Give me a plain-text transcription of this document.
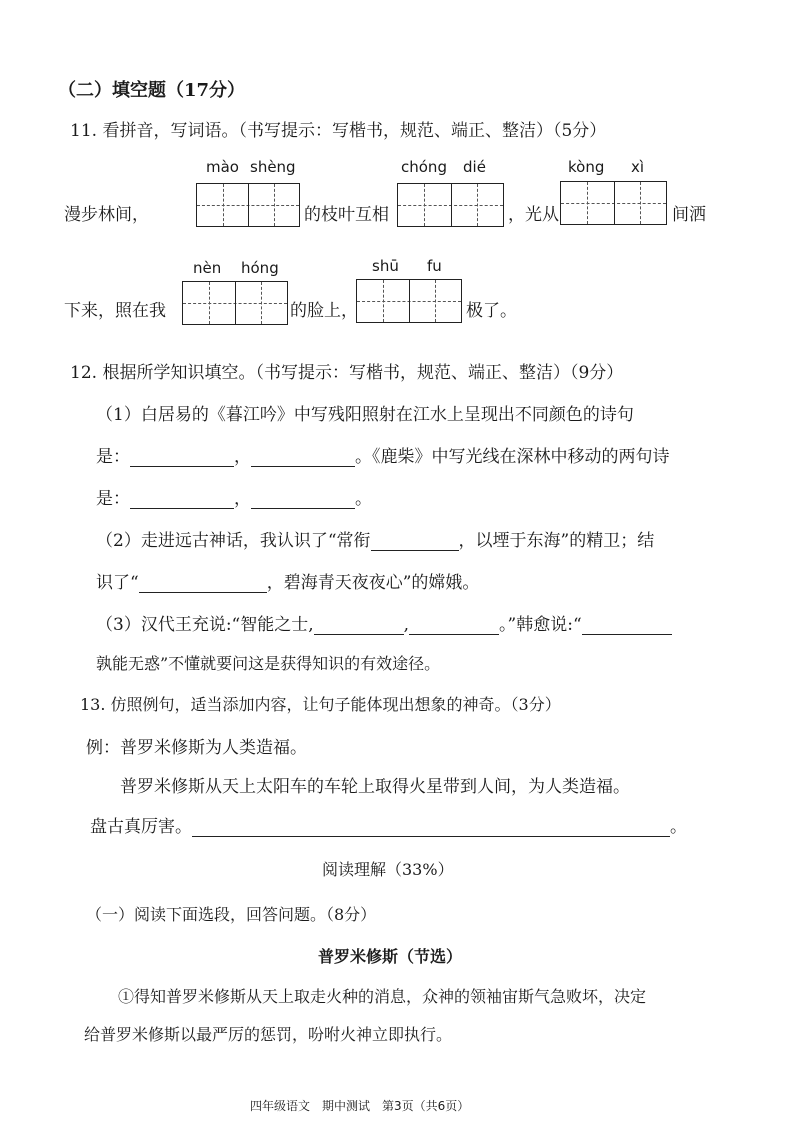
（二）填空题（17分）
11. 看拼音，写词语。（书写提示：写楷书，规范、端正、整洁）（5分）
mào shèng	chóng dié	kòng xì
漫步林间，	的枝叶互相	，光从	间洒
nèn hóng	shū fu
下来，照在我	的脸上，	极了。
12. 根据所学知识填空。（书写提示：写楷书，规范、端正、整洁）（9分）
（1）白居易的《暮江吟》中写残阳照射在江水上呈现出不同颜色的诗句
是：	，	。《鹿柴》中写光线在深林中移动的两句诗
是：	，	。
（2）走进远古神话，我认识了“常衔	，以堙于东海”的精卫；结
识了“	，碧海青天夜夜心”的嫦娥。
（3）汉代王充说:“智能之士,	,	。”韩愈说:“
孰能无惑”不懂就要问这是获得知识的有效途径。
13. 仿照例句，适当添加内容，让句子能体现出想象的神奇。（3分）
例：普罗米修斯为人类造福。
普罗米修斯从天上太阳车的车轮上取得火星带到人间，为人类造福。
盘古真厉害。	。
阅读理解（33%）
（一）阅读下面选段，回答问题。（8分）
普罗米修斯（节选）
①得知普罗米修斯从天上取走火种的消息，众神的领袖宙斯气急败坏，决定
给普罗米修斯以最严厉的惩罚，吩咐火神立即执行。
四年级语文　期中测试　第3页（共6页）
